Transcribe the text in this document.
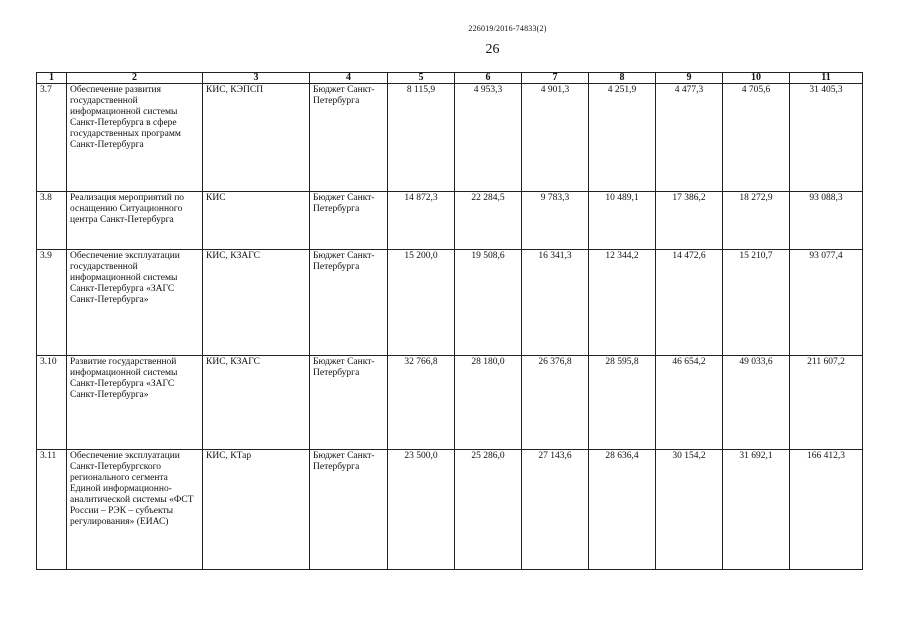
226019/2016-74833(2)
26
1	2	3	4	5	6	7	8	9	10	11
3.7	Обеспечение развития государственной информационной системы Санкт-Петербурга в сфере государственных программ Санкт-Петербурга	КИС, КЭПСП	Бюджет Санкт-Петербурга	8 115,9	4 953,3	4 901,3	4 251,9	4 477,3	4 705,6	31 405,3
3.8	Реализация мероприятий по оснащению Ситуационного центра Санкт-Петербурга	КИС	Бюджет Санкт-Петербурга	14 872,3	22 284,5	9 783,3	10 489,1	17 386,2	18 272,9	93 088,3
3.9	Обеспечение эксплуатации государственной информационной системы Санкт-Петербурга «ЗАГС Санкт-Петербурга»	КИС, КЗАГС	Бюджет Санкт-Петербурга	15 200,0	19 508,6	16 341,3	12 344,2	14 472,6	15 210,7	93 077,4
3.10	Развитие государственной информационной системы Санкт-Петербурга «ЗАГС Санкт-Петербурга»	КИС, КЗАГС	Бюджет Санкт-Петербурга	32 766,8	28 180,0	26 376,8	28 595,8	46 654,2	49 033,6	211 607,2
3.11	Обеспечение эксплуатации Санкт-Петербургского регионального сегмента Единой информационно-аналитической системы «ФСТ России – РЭК – субъекты регулирования» (ЕИАС)	КИС, КТар	Бюджет Санкт-Петербурга	23 500,0	25 286,0	27 143,6	28 636,4	30 154,2	31 692,1	166 412,3
